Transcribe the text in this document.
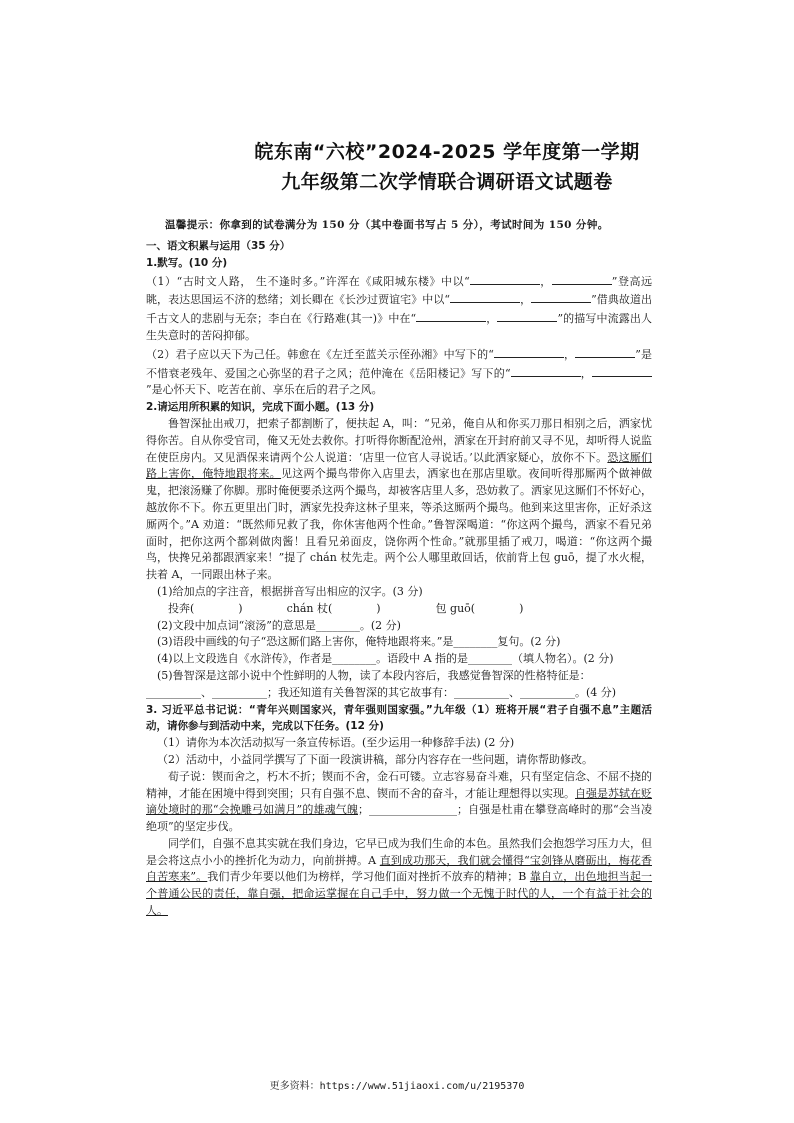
皖东南“六校”2024-2025 学年度第一学期
九年级第二次学情联合调研语文试题卷
温馨提示：你拿到的试卷满分为 150 分（其中卷面书写占 5 分），考试时间为 150 分钟。

一、语文积累与运用（35 分）

1.默写。(10 分)

（1）“古时文人路， 生不逢时多。”许浑在《咸阳城东楼》中以“	，	”登高远眺，表达思国运不济的愁绪；刘长卿在《长沙过贾谊宅》中以“	，	”借典故道出千古文人的悲剧与无奈；李白在《行路难(其一)》中在“	，	”的描写中流露出人生失意时的苦闷抑郁。

（2）君子应以天下为己任。韩愈在《左迁至蓝关示侄孙湘》中写下的“	，	”是不惜衰老残年、爱国之心弥坚的君子之风；范仲淹在《岳阳楼记》写下的“	，”是心怀天下、吃苦在前、享乐在后的君子之风。

2.请运用所积累的知识，完成下面小题。(13 分)

鲁智深扯出戒刀，把索子都割断了，便扶起 A，叫：“兄弟，俺自从和你买刀那日相别之后，洒家忧得你苦。自从你受官司，俺又无处去救你。打听得你断配沧州，洒家在开封府前又寻不见，却听得人说监在使臣房内。又见酒保来请两个公人说道：‘店里一位官人寻说话。’以此洒家疑心，放你不下。恐这厮们路上害你，俺特地跟将来。见这两个撮鸟带你入店里去，洒家也在那店里歇。夜间听得那厮两个做神做鬼，把滚汤赚了你脚。那时俺便要杀这两个撮鸟，却被客店里人多，恐妨救了。洒家见这厮们不怀好心，越放你不下。你五更里出门时，洒家先投奔这林子里来，等杀这厮两个撮鸟。他到来这里害你，正好杀这厮两个。”A 劝道：“既然师兄救了我，你休害他两个性命。”鲁智深喝道：“你这两个撮鸟，洒家不看兄弟面时，把你这两个都剁做肉酱！且看兄弟面皮，饶你两个性命。”就那里插了戒刀，喝道：“你这两个撮鸟，快搀兄弟都跟洒家来！”提了 chán 杖先走。两个公人哪里敢回话，依前背上包 guō，提了水火棍，扶着 A，一同跟出林子来。

(1)给加点的字注音，根据拼音写出相应的汉字。(3 分)

投奔(　　　　)　　　　chán 杖(　　　　)　　　　　包 guō(　　　　)

(2)文段中加点词“滚汤”的意思是________。(2 分)

(3)语段中画线的句子“恐这厮们路上害你，俺特地跟将来。”是________复句。(2 分)

(4)以上文段选自《水浒传》，作者是________。语段中 A 指的是________（填人物名）。(2 分)

(5)鲁智深是这部小说中个性鲜明的人物，读了本段内容后，我感觉鲁智深的性格特征是：

__________、__________；我还知道有关鲁智深的其它故事有：__________、__________。(4 分)

3. 习近平总书记说：“青年兴则国家兴，青年强则国家强。”九年级（1）班将开展“君子自强不息”主题活动，请你参与到活动中来，完成以下任务。(12 分)

（1）请你为本次活动拟写一条宣传标语。(至少运用一种修辞手法) (2 分)

（2）活动中，小益同学撰写了下面一段演讲稿，部分内容存在一些问题，请你帮助修改。

荀子说：锲而舍之，朽木不折；锲而不舍，金石可镂。立志容易奋斗难，只有坚定信念、不屈不挠的精神，才能在困境中得到突围；只有自强不息、锲而不舍的奋斗，才能让理想得以实现。自强是苏轼在贬谪处境时的那“会挽雕弓如满月”的雄魂气魄；________________；自强是杜甫在攀登高峰时的那“会当凌绝项”的坚定步伐。

同学们，自强不息其实就在我们身边，它早已成为我们生命的本色。虽然我们会抱怨学习压力大，但是会将这点小小的挫折化为动力，向前拼搏。A 直到成功那天，我们就会懂得“宝剑锋从磨砺出，梅花香自苦寒来”。我们青少年要以他们为榜样，学习他们面对挫折不放弃的精神；B 靠自立，出色地担当起一个普通公民的责任，靠自强，把命运掌握在自己手中，努力做一个无愧于时代的人，一个有益于社会的人。

更多资料：https://www.51jiaoxi.com/u/2195370
